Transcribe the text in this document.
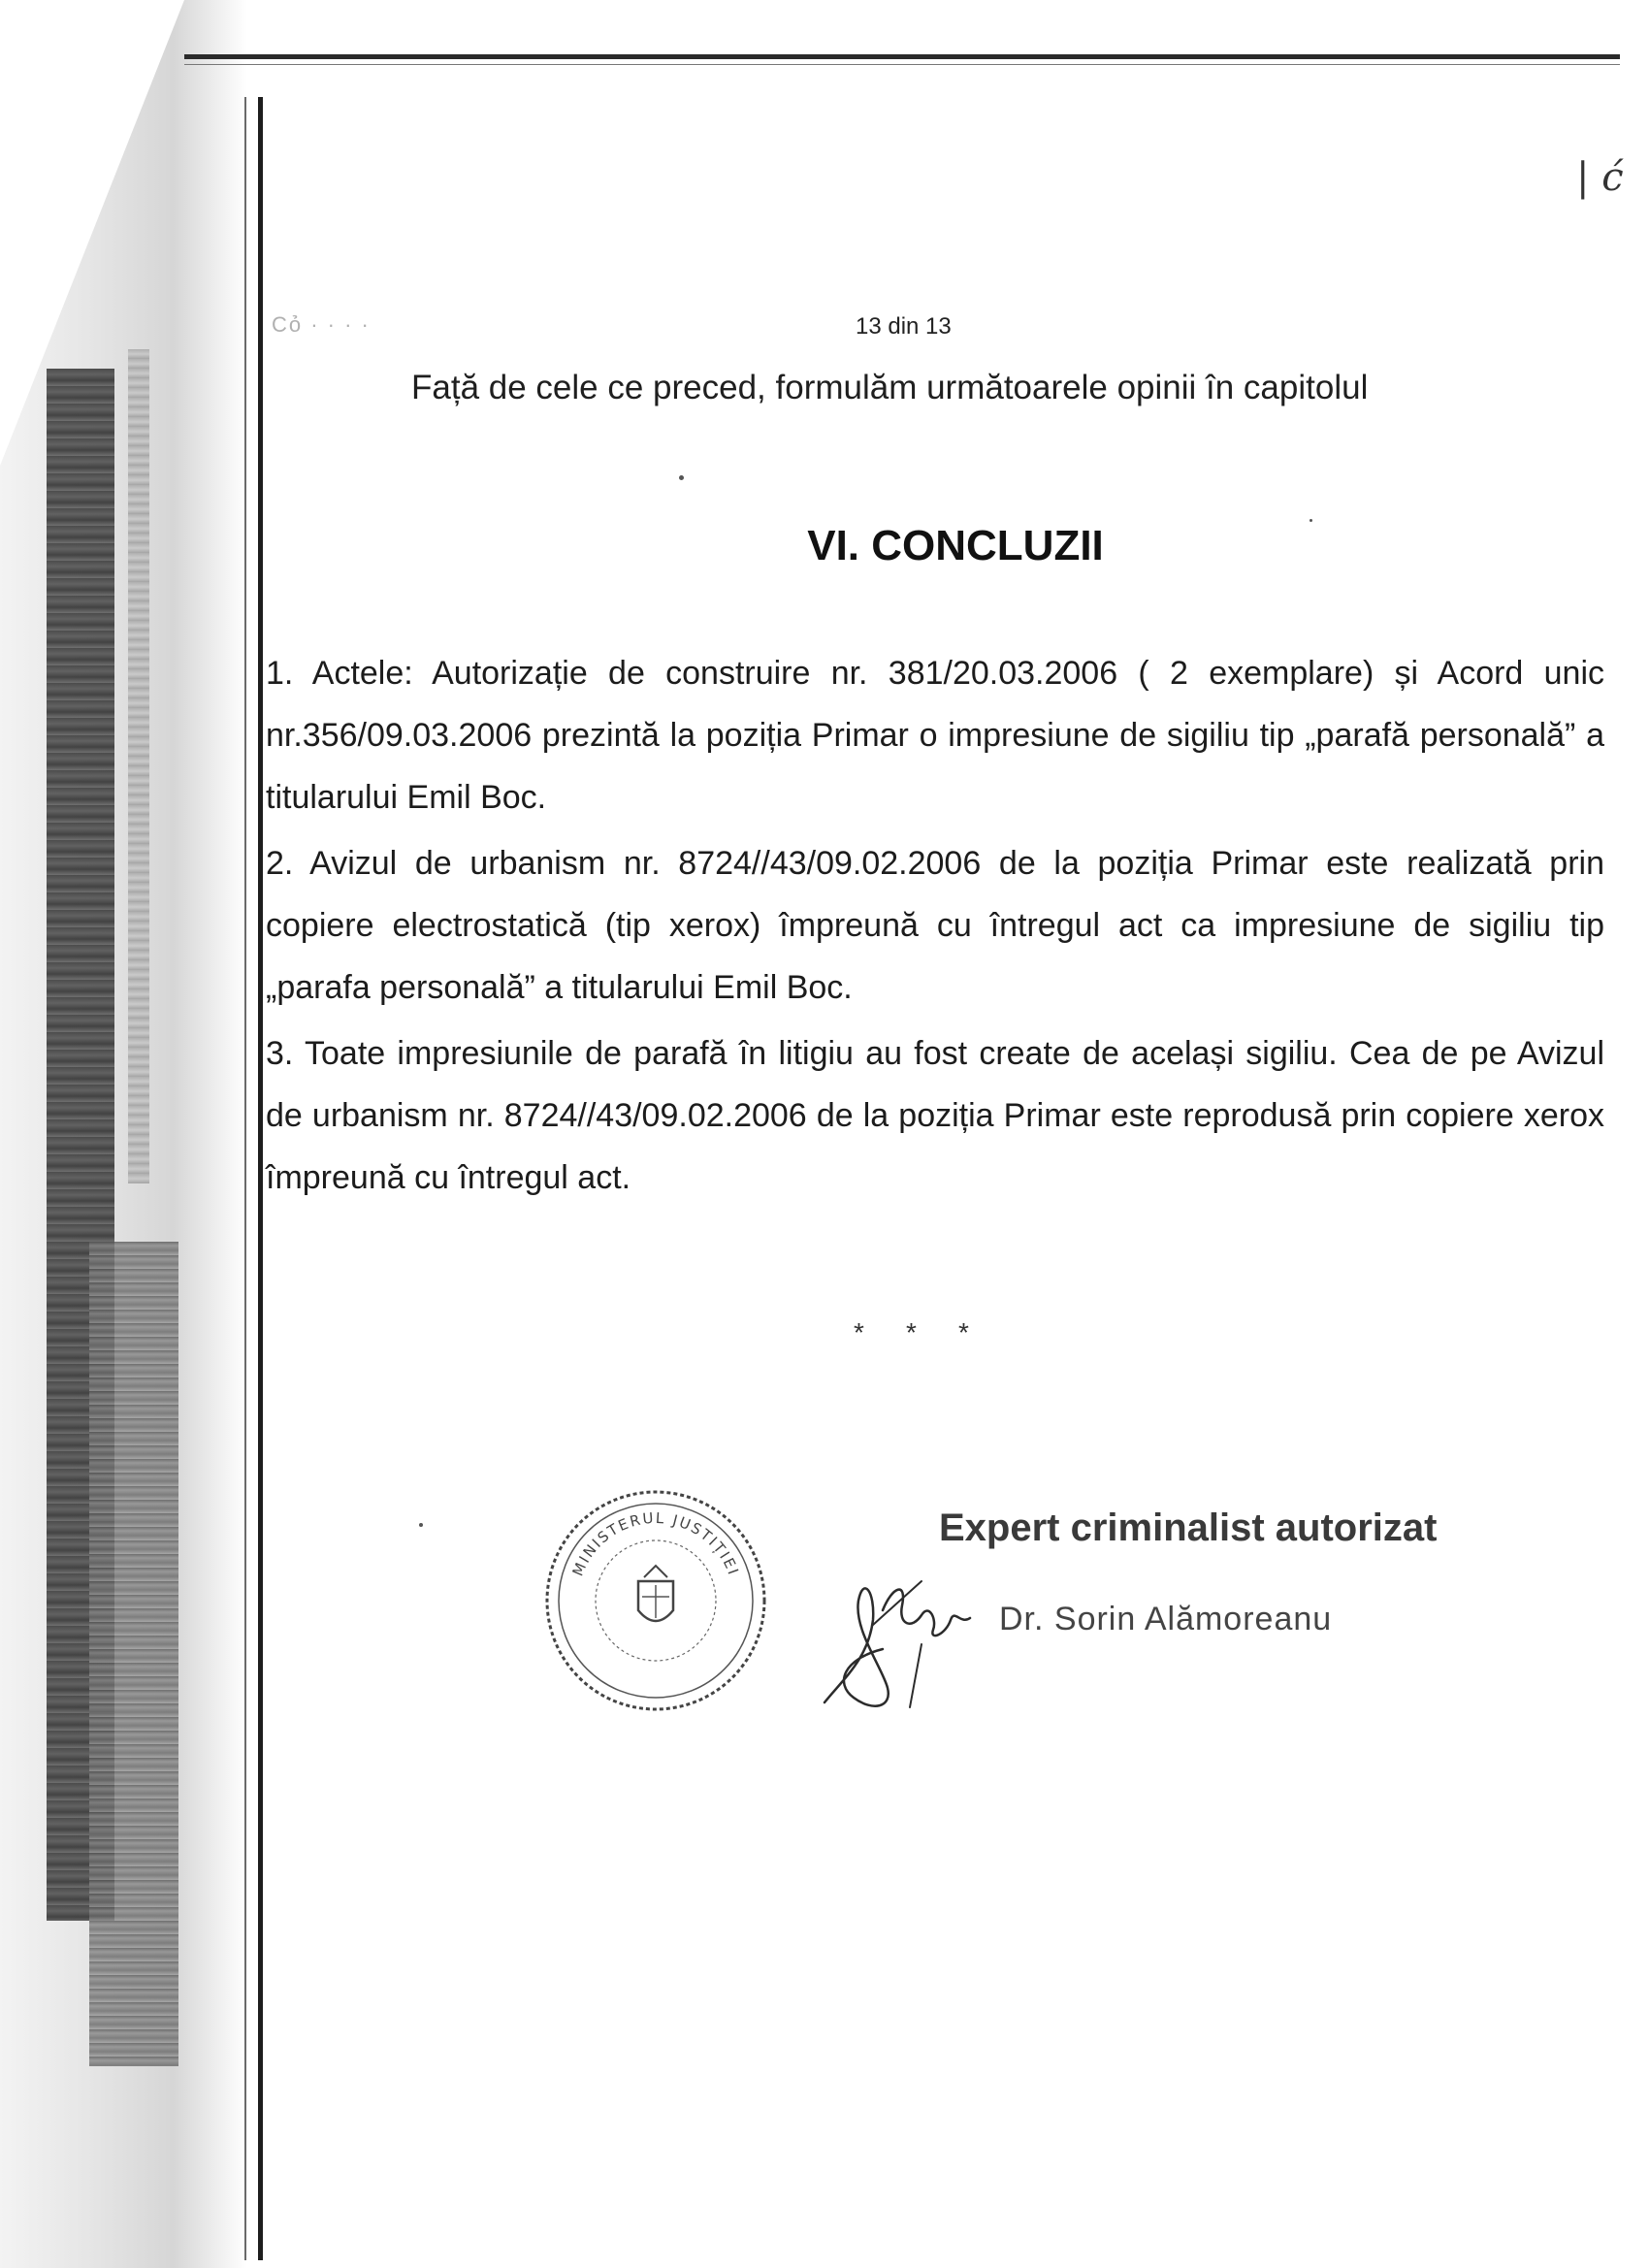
| ć
Cỏ · · · ·	13 din 13
Față de cele ce preced, formulăm următoarele opinii în capitolul
VI. CONCLUZII
1. Actele: Autorizație de construire nr. 381/20.03.2006 ( 2 exemplare) și Acord unic nr.356/09.03.2006 prezintă la poziția Primar o impresiune de sigiliu tip „parafă personală” a titularului Emil Boc.
2. Avizul de urbanism nr. 8724//43/09.02.2006 de la poziția Primar este realizată prin copiere electrostatică (tip xerox) împreună cu întregul act ca impresiune de sigiliu tip „parafa personală” a titularului Emil Boc.
3. Toate impresiunile de parafă în litigiu au fost create de același sigiliu. Cea de pe Avizul de urbanism nr. 8724//43/09.02.2006 de la poziția Primar este reprodusă prin copiere xerox împreună cu întregul act.
* * *
MINISTERUL JUSTIȚIEI
Expert criminalist autorizat
Dr. Sorin Alămoreanu
